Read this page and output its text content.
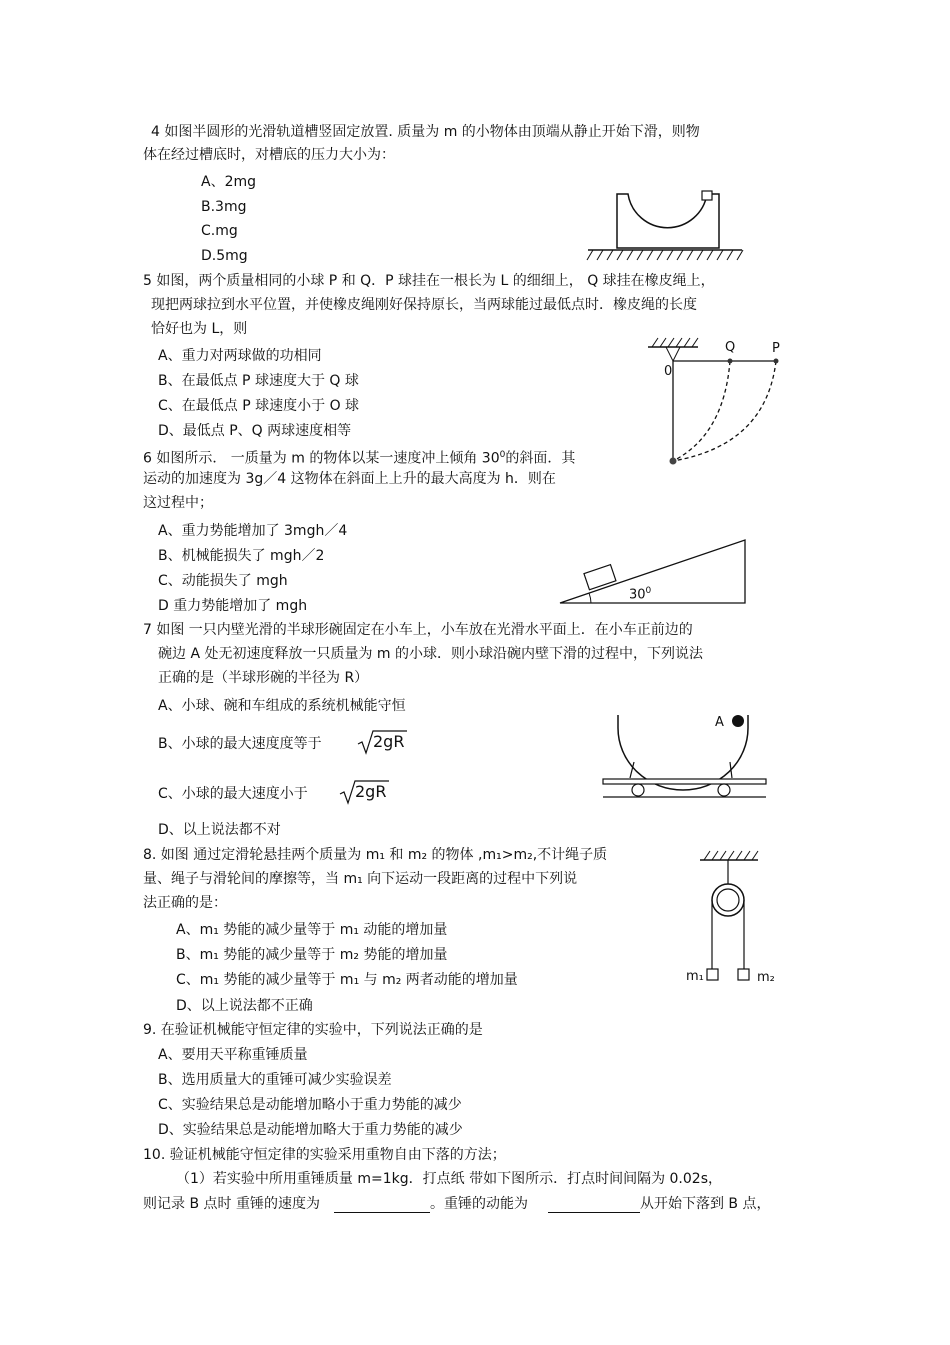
4 如图半圆形的光滑轨道槽竖固定放置. 质量为 m 的小物体由顶端从静止开始下滑，则物
体在经过槽底时，对槽底的压力大小为：
A、2mg
B.3mg
C.mg
D.5mg
5 如图，两个质量相同的小球 P 和 Q．P 球挂在一根长为 L 的细细上， Q 球挂在橡皮绳上，
现把两球拉到水平位置，并使橡皮绳刚好保持原长，当两球能过最低点时．橡皮绳的长度
恰好也为 L，则
A、重力对两球做的功相同
B、在最低点 P 球速度大于 Q 球
C、在最低点 P 球速度小于 O 球
D、最低点 P、Q 两球速度相等
Q	P
0
6 如图所示． 一质量为 m 的物体以某一速度冲上倾角 $30^0$的斜面．其
运动的加速度为 3g／4 这物体在斜面上上升的最大高度为 h．则在
这过程中；
A、重力势能增加了 3mgh／4
B、机械能损失了 mgh／2
C、动能损失了 mgh
D 重力势能增加了 mgh
$30^0$
7 如图 一只内壁光滑的半球形碗固定在小车上，小车放在光滑水平面上．在小车正前边的
碗边 A 处无初速度释放一只质量为 m 的小球．则小球沿碗内壁下滑的过程中，下列说法
正确的是（半球形碗的半径为 R）
A、小球、碗和车组成的系统机械能守恒
B、小球的最大速度度等于	2gR
C、小球的最大速度小于	2gR
D、以上说法都不对
A
8. 如图 通过定滑轮悬挂两个质量为 m₁ 和 m₂ 的物体 ,m₁>m₂,不计绳子质
量、绳子与滑轮间的摩擦等，当 m₁ 向下运动一段距离的过程中下列说
法正确的是：
A、m₁ 势能的减少量等于 m₁ 动能的增加量
B、m₁ 势能的减少量等于 m₂ 势能的增加量
C、m₁ 势能的减少量等于 m₁ 与 m₂ 两者动能的增加量
D、以上说法都不正确
m₁	m₂
9. 在验证机械能守恒定律的实验中，下列说法正确的是
A、要用天平称重锤质量
B、选用质量大的重锤可减少实验误差
C、实验结果总是动能增加略小于重力势能的减少
D、实验结果总是动能增加略大于重力势能的减少
10. 验证机械能守恒定律的实验采用重物自由下落的方法；
（1）若实验中所用重锤质量 m=1kg．打点纸 带如下图所示．打点时间间隔为 0.02s，
则记录 B 点时 重锤的速度为	。重锤的动能为	从开始下落到 B 点，
